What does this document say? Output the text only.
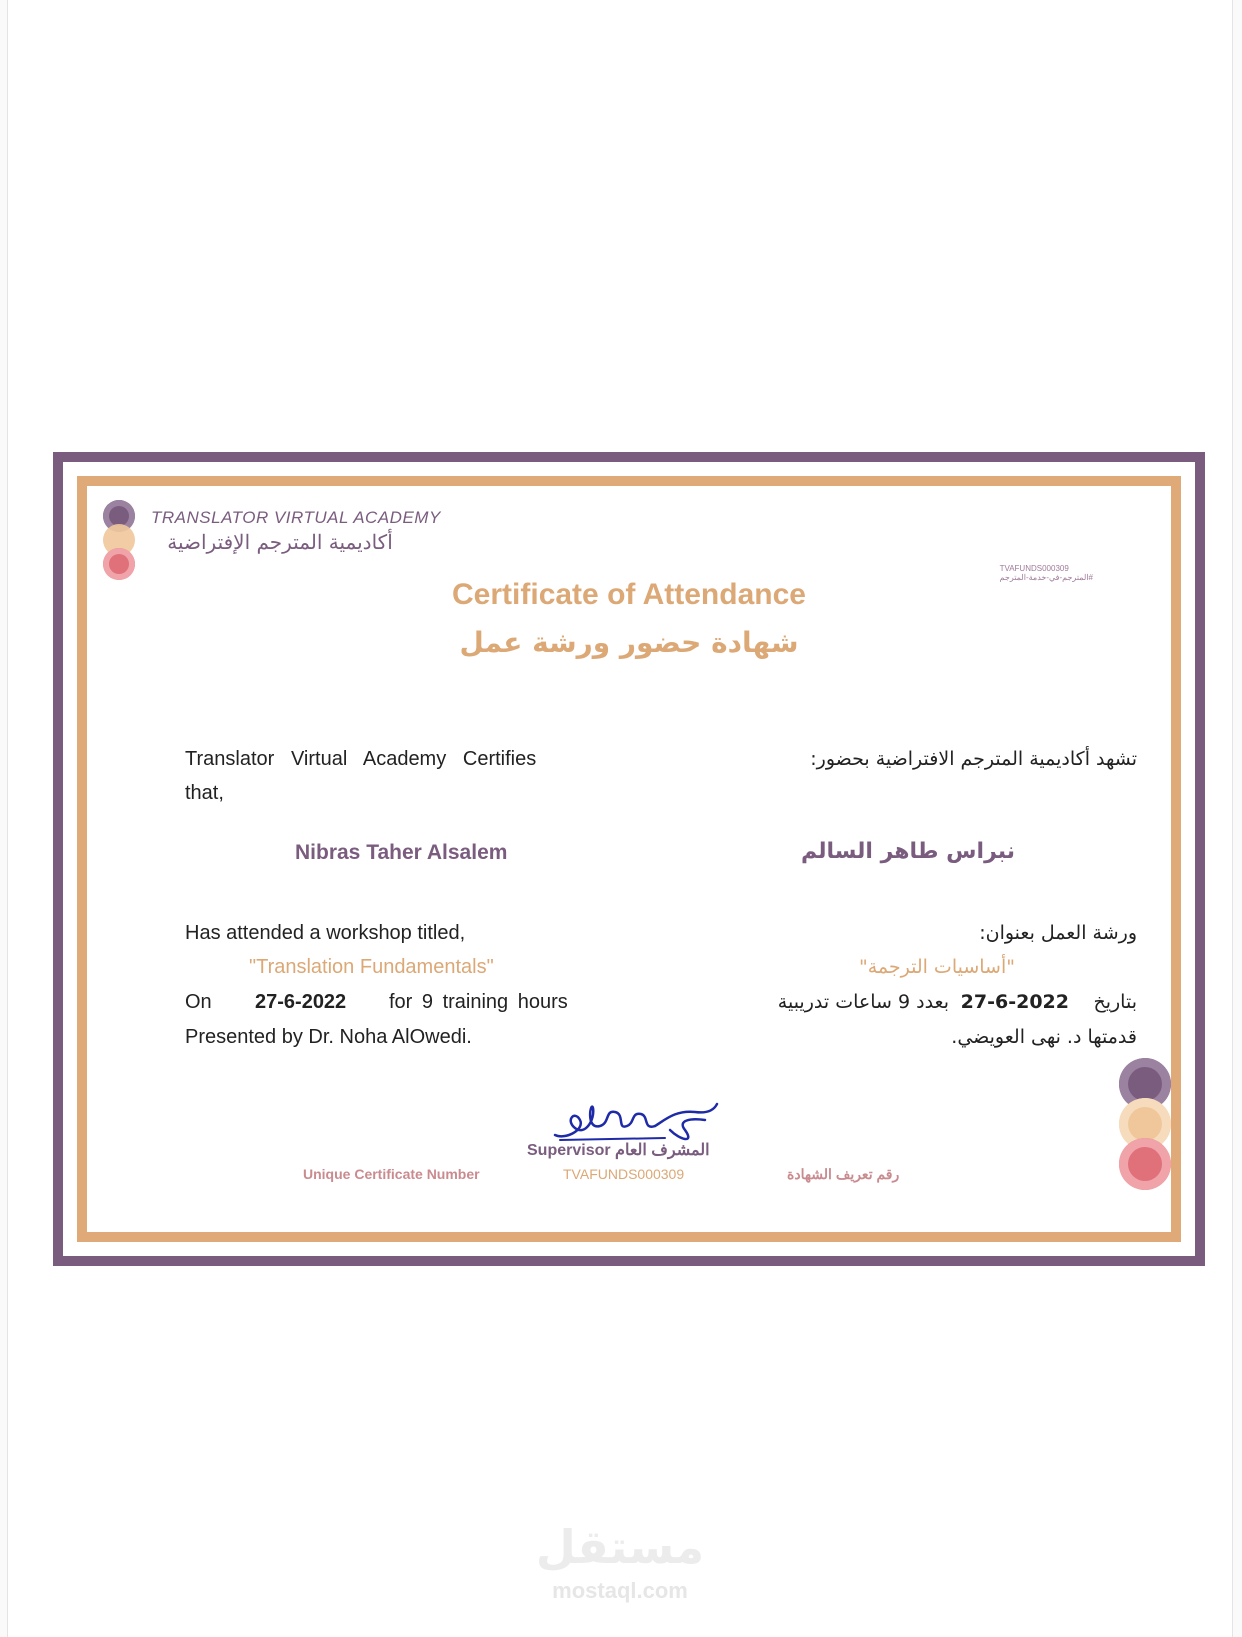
TRANSLATOR VIRTUAL ACADEMY
أكاديمية المترجم الإفتراضية
TVAFUNDS000309
#المترجم-في-خدمة-المترجم
Certificate of Attendance
شهادة حضور ورشة عمل
Translator   Virtual   Academy   Certifies
that,
Nibras Taher Alsalem
Has attended a workshop titled,
"Translation Fundamentals"
On 27-6-2022 for 9 training hours
Presented by Dr. Noha AlOwedi.
تشهد أكاديمية المترجم الافتراضية بحضور:
نبراس طاهر السالم
ورشة العمل بعنوان:
"أساسيات الترجمة"
بتاريخ
27-6-2022
بعدد 9 ساعات تدريبية
قدمتها د. نهى العويضي.
Supervisor المشرف العام
Unique Certificate Number	TVAFUNDS000309	رقم تعريف الشهادة
مستقل
mostaql.com
